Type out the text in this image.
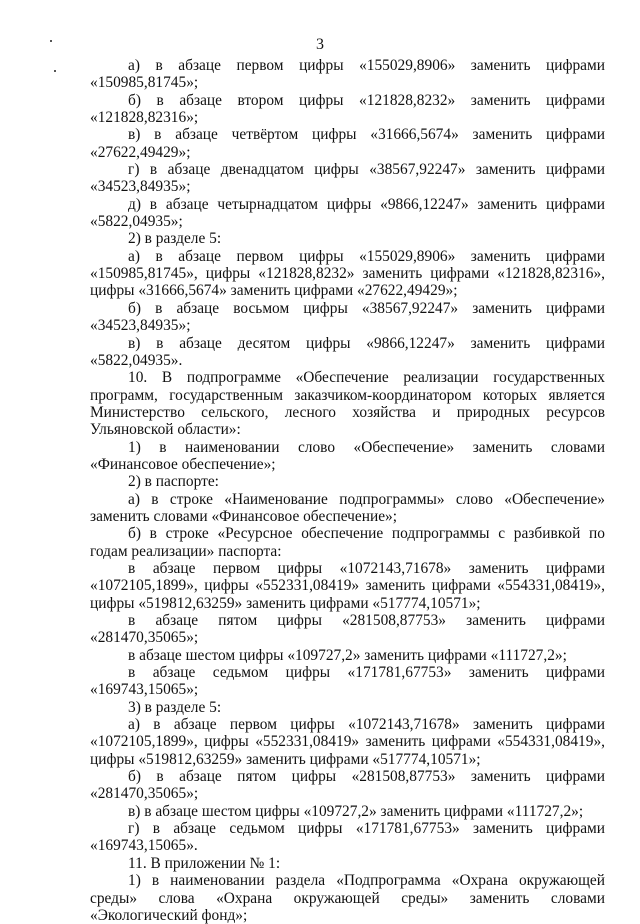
3

а) в абзаце первом цифры «155029,8906» заменить цифрами «150985,81745»;

б) в абзаце втором цифры «121828,8232» заменить цифрами «121828,82316»;

в) в абзаце четвёртом цифры «31666,5674» заменить цифрами «27622,49429»;

г) в абзаце двенадцатом цифры «38567,92247» заменить цифрами «34523,84935»;

д) в абзаце четырнадцатом цифры «9866,12247» заменить цифрами «5822,04935»;

2) в разделе 5:

а) в абзаце первом цифры «155029,8906» заменить цифрами «150985,81745», цифры «121828,8232» заменить цифрами «121828,82316», цифры «31666,5674» заменить цифрами «27622,49429»;

б) в абзаце восьмом цифры «38567,92247» заменить цифрами «34523,84935»;

в) в абзаце десятом цифры «9866,12247» заменить цифрами «5822,04935».

10. В подпрограмме «Обеспечение реализации государственных программ, государственным заказчиком-координатором которых является Министерство сельского, лесного хозяйства и природных ресурсов Ульяновской области»:

1) в наименовании слово «Обеспечение» заменить словами «Финансовое обеспечение»;

2) в паспорте:

а) в строке «Наименование подпрограммы» слово «Обеспечение» заменить словами «Финансовое обеспечение»;

б) в строке «Ресурсное обеспечение подпрограммы с разбивкой по годам реализации» паспорта:

в абзаце первом цифры «1072143,71678» заменить цифрами «1072105,1899», цифры «552331,08419» заменить цифрами «554331,08419», цифры «519812,63259» заменить цифрами «517774,10571»;

в абзаце пятом цифры «281508,87753» заменить цифрами «281470,35065»;

в абзаце шестом цифры «109727,2» заменить цифрами «111727,2»;

в абзаце седьмом цифры «171781,67753» заменить цифрами «169743,15065»;

3) в разделе 5:

а) в абзаце первом цифры «1072143,71678» заменить цифрами «1072105,1899», цифры «552331,08419» заменить цифрами «554331,08419», цифры «519812,63259» заменить цифрами «517774,10571»;

б) в абзаце пятом цифры «281508,87753» заменить цифрами «281470,35065»;

в) в абзаце шестом цифры «109727,2» заменить цифрами «111727,2»;

г) в абзаце седьмом цифры «171781,67753» заменить цифрами «169743,15065».

11. В приложении № 1:

1) в наименовании раздела «Подпрограмма «Охрана окружающей среды» слова «Охрана окружающей среды» заменить словами «Экологический фонд»;
